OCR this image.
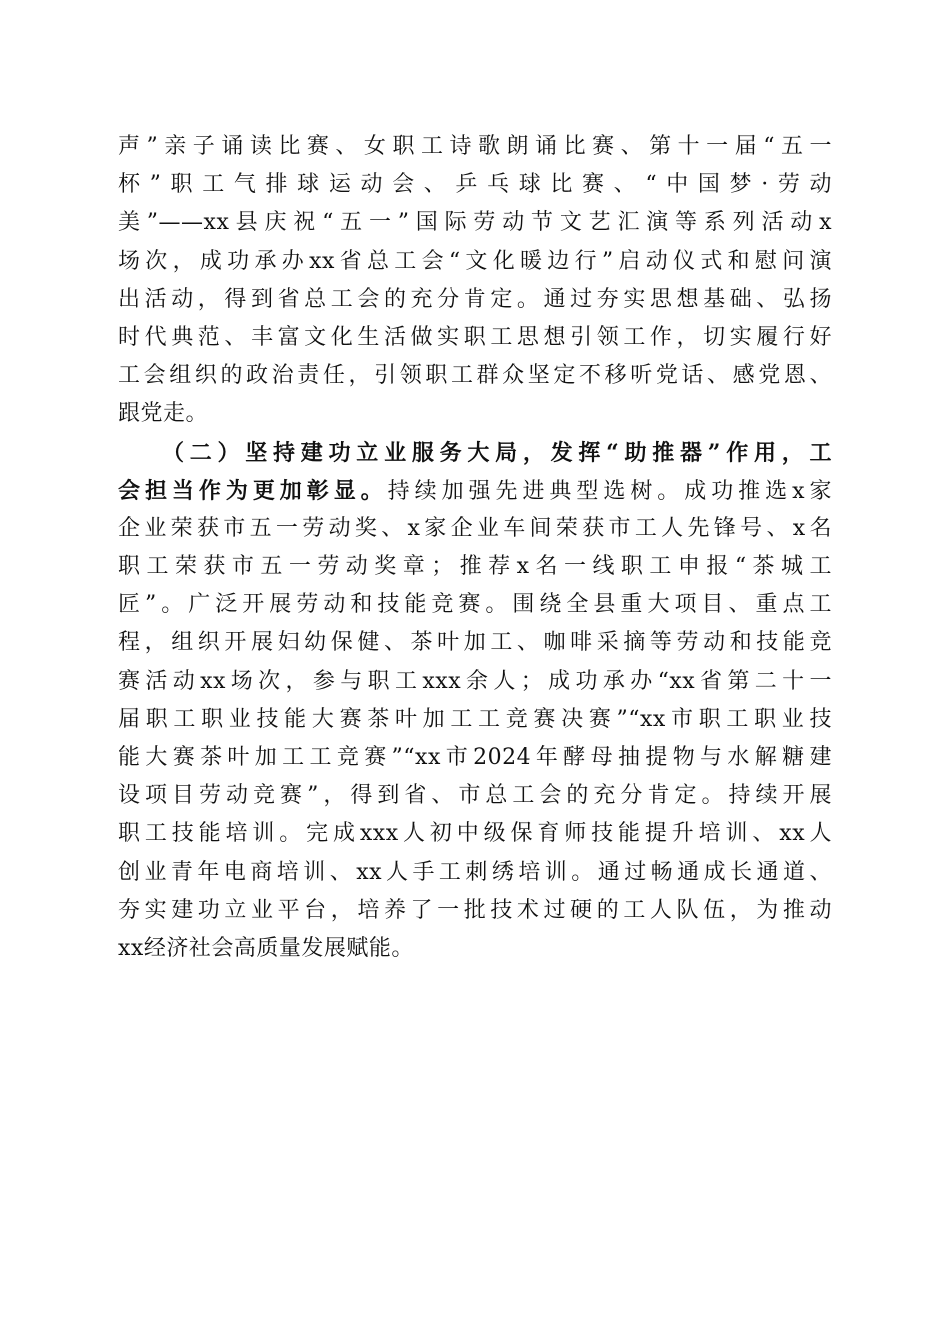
声”亲子诵读比赛、女职工诗歌朗诵比赛、第十一届“五一
杯”职工气排球运动会、乒乓球比赛、“中国梦·劳动
美”——xx县庆祝“五一”国际劳动节文艺汇演等系列活动x
场次，成功承办xx省总工会“文化暖边行”启动仪式和慰问演
出活动，得到省总工会的充分肯定。通过夯实思想基础、弘扬
时代典范、丰富文化生活做实职工思想引领工作，切实履行好
工会组织的政治责任，引领职工群众坚定不移听党话、感党恩、
跟党走。
（二）坚持建功立业服务大局，发挥“助推器”作用，工
会担当作为更加彰显。持续加强先进典型选树。成功推选x家
企业荣获市五一劳动奖、x家企业车间荣获市工人先锋号、x名
职工荣获市五一劳动奖章；推荐x名一线职工申报“茶城工
匠”。广泛开展劳动和技能竞赛。围绕全县重大项目、重点工
程，组织开展妇幼保健、茶叶加工、咖啡采摘等劳动和技能竞
赛活动xx场次，参与职工xxx余人；成功承办“xx省第二十一
届职工职业技能大赛茶叶加工工竞赛决赛”“xx市职工职业技
能大赛茶叶加工工竞赛”“xx市2024年酵母抽提物与水解糖建
设项目劳动竞赛”，得到省、市总工会的充分肯定。持续开展
职工技能培训。完成xxx人初中级保育师技能提升培训、xx人
创业青年电商培训、xx人手工刺绣培训。通过畅通成长通道、
夯实建功立业平台，培养了一批技术过硬的工人队伍，为推动
xx经济社会高质量发展赋能。
